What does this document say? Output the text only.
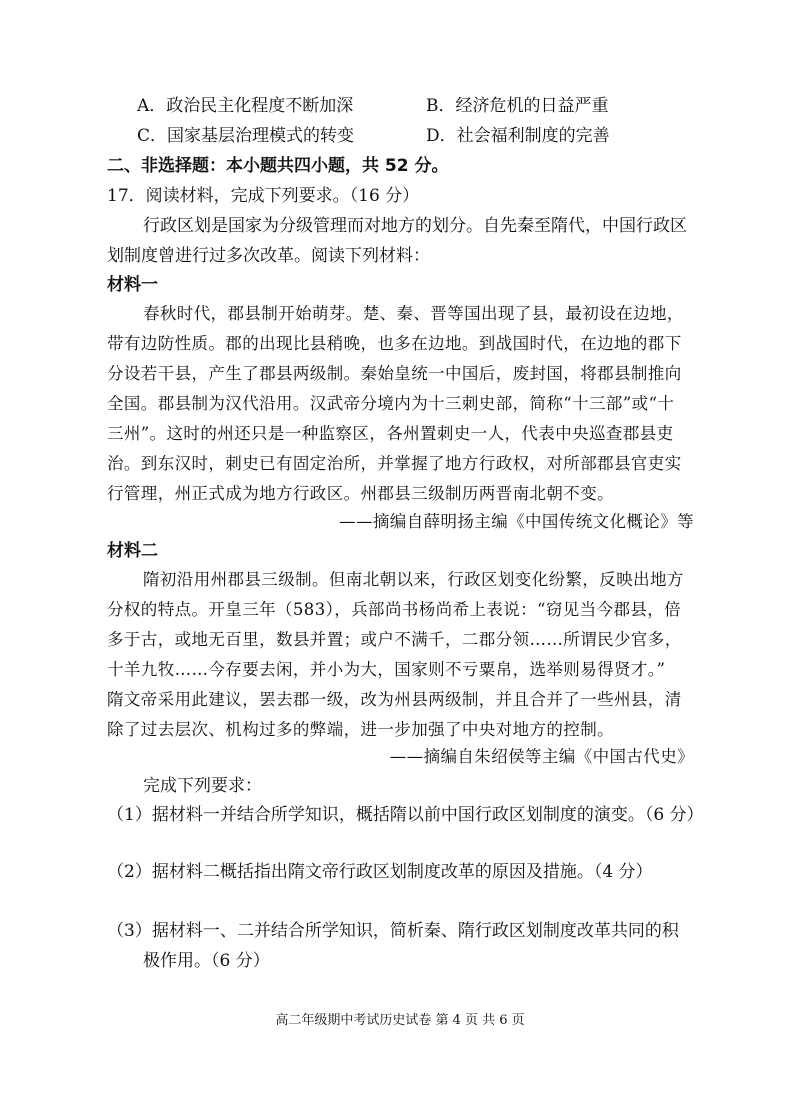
A．政治民主化程度不断加深	B．经济危机的日益严重
C．国家基层治理模式的转变	D．社会福利制度的完善
二、非选择题：本小题共四小题，共 52 分。
17．阅读材料，完成下列要求。（16 分）
行政区划是国家为分级管理而对地方的划分。自先秦至隋代，中国行政区
划制度曾进行过多次改革。阅读下列材料：
材料一
春秋时代，郡县制开始萌芽。楚、秦、晋等国出现了县，最初设在边地，
带有边防性质。郡的出现比县稍晚，也多在边地。到战国时代，在边地的郡下
分设若干县，产生了郡县两级制。秦始皇统一中国后，废封国，将郡县制推向
全国。郡县制为汉代沿用。汉武帝分境内为十三刺史部，简称“十三部”或“十
三州”。这时的州还只是一种监察区，各州置刺史一人，代表中央巡查郡县吏
治。到东汉时，刺史已有固定治所，并掌握了地方行政权，对所部郡县官吏实
行管理，州正式成为地方行政区。州郡县三级制历两晋南北朝不变。
——摘编自薛明扬主编《中国传统文化概论》等
材料二
隋初沿用州郡县三级制。但南北朝以来，行政区划变化纷繁，反映出地方
分权的特点。开皇三年（583），兵部尚书杨尚希上表说：“窃见当今郡县，倍
多于古，或地无百里，数县并置；或户不满千，二郡分领……所谓民少官多，
十羊九牧……今存要去闲，并小为大，国家则不亏粟帛，选举则易得贤才。”
隋文帝采用此建议，罢去郡一级，改为州县两级制，并且合并了一些州县，清
除了过去层次、机构过多的弊端，进一步加强了中央对地方的控制。
——摘编自朱绍侯等主编《中国古代史》
完成下列要求：
（1）据材料一并结合所学知识，概括隋以前中国行政区划制度的演变。（6 分）
（2）据材料二概括指出隋文帝行政区划制度改革的原因及措施。（4 分）
（3）据材料一、二并结合所学知识，简析秦、隋行政区划制度改革共同的积
极作用。（6 分）
高二年级期中考试历史试卷 第 4 页 共 6 页
